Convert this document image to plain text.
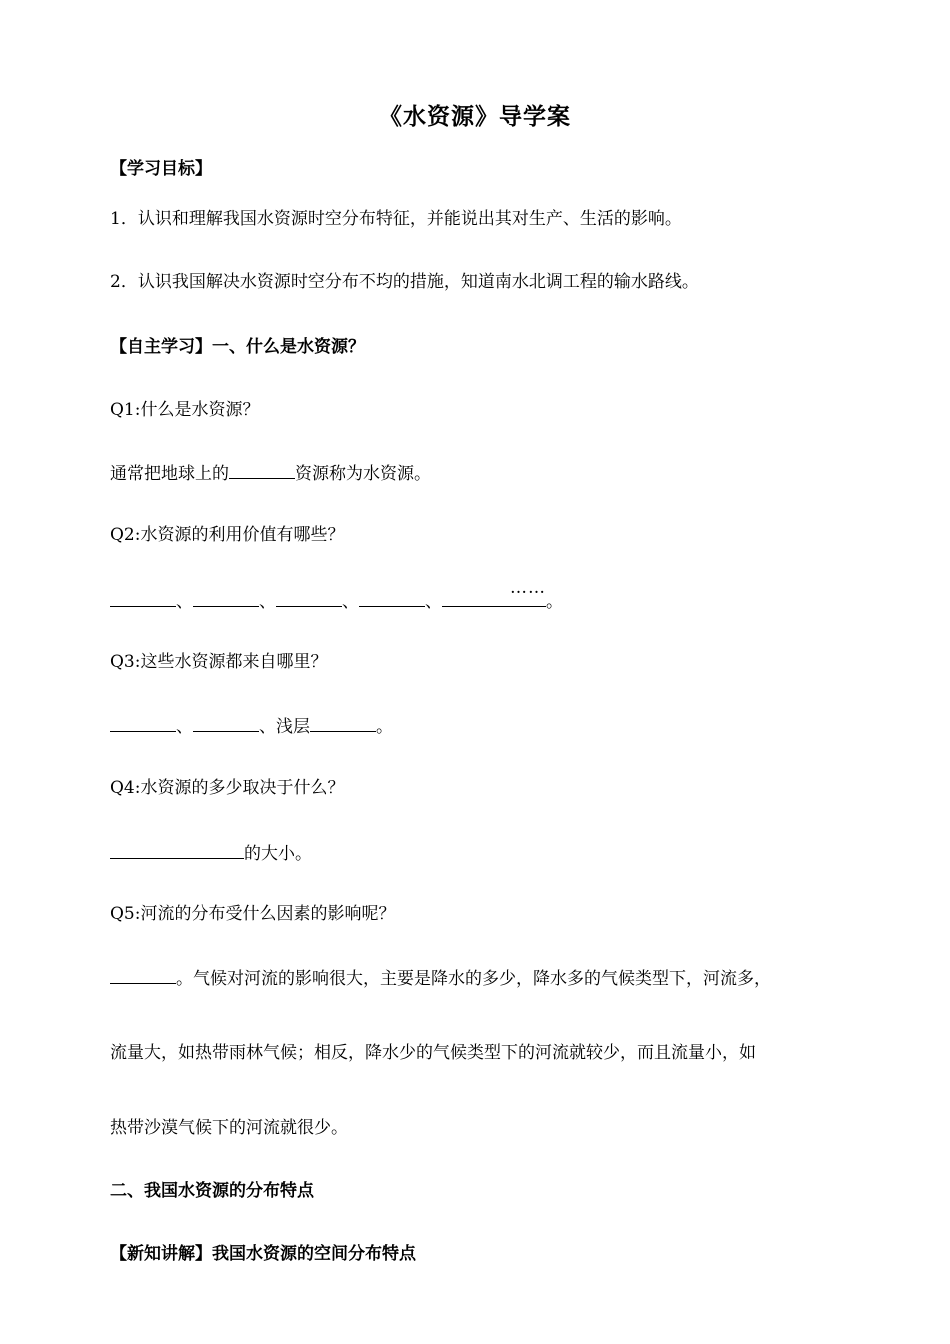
《水资源》导学案
【学习目标】
1．认识和理解我国水资源时空分布特征，并能说出其对生产、生活的影响。
2．认识我国解决水资源时空分布不均的措施，知道南水北调工程的输水路线。
【自主学习】一、什么是水资源？
Q1:什么是水资源？
通常把地球上的	资源称为水资源。
Q2:水资源的利用价值有哪些？
、	、	、	、
……
。
Q3:这些水资源都来自哪里？
、	、浅层	。
Q4:水资源的多少取决于什么？
的大小。
Q5:河流的分布受什么因素的影响呢？
。气候对河流的影响很大，主要是降水的多少，降水多的气候类型下，河流多，
流量大，如热带雨林气候；相反，降水少的气候类型下的河流就较少，而且流量小，如
热带沙漠气候下的河流就很少。
二、我国水资源的分布特点
【新知讲解】我国水资源的空间分布特点
